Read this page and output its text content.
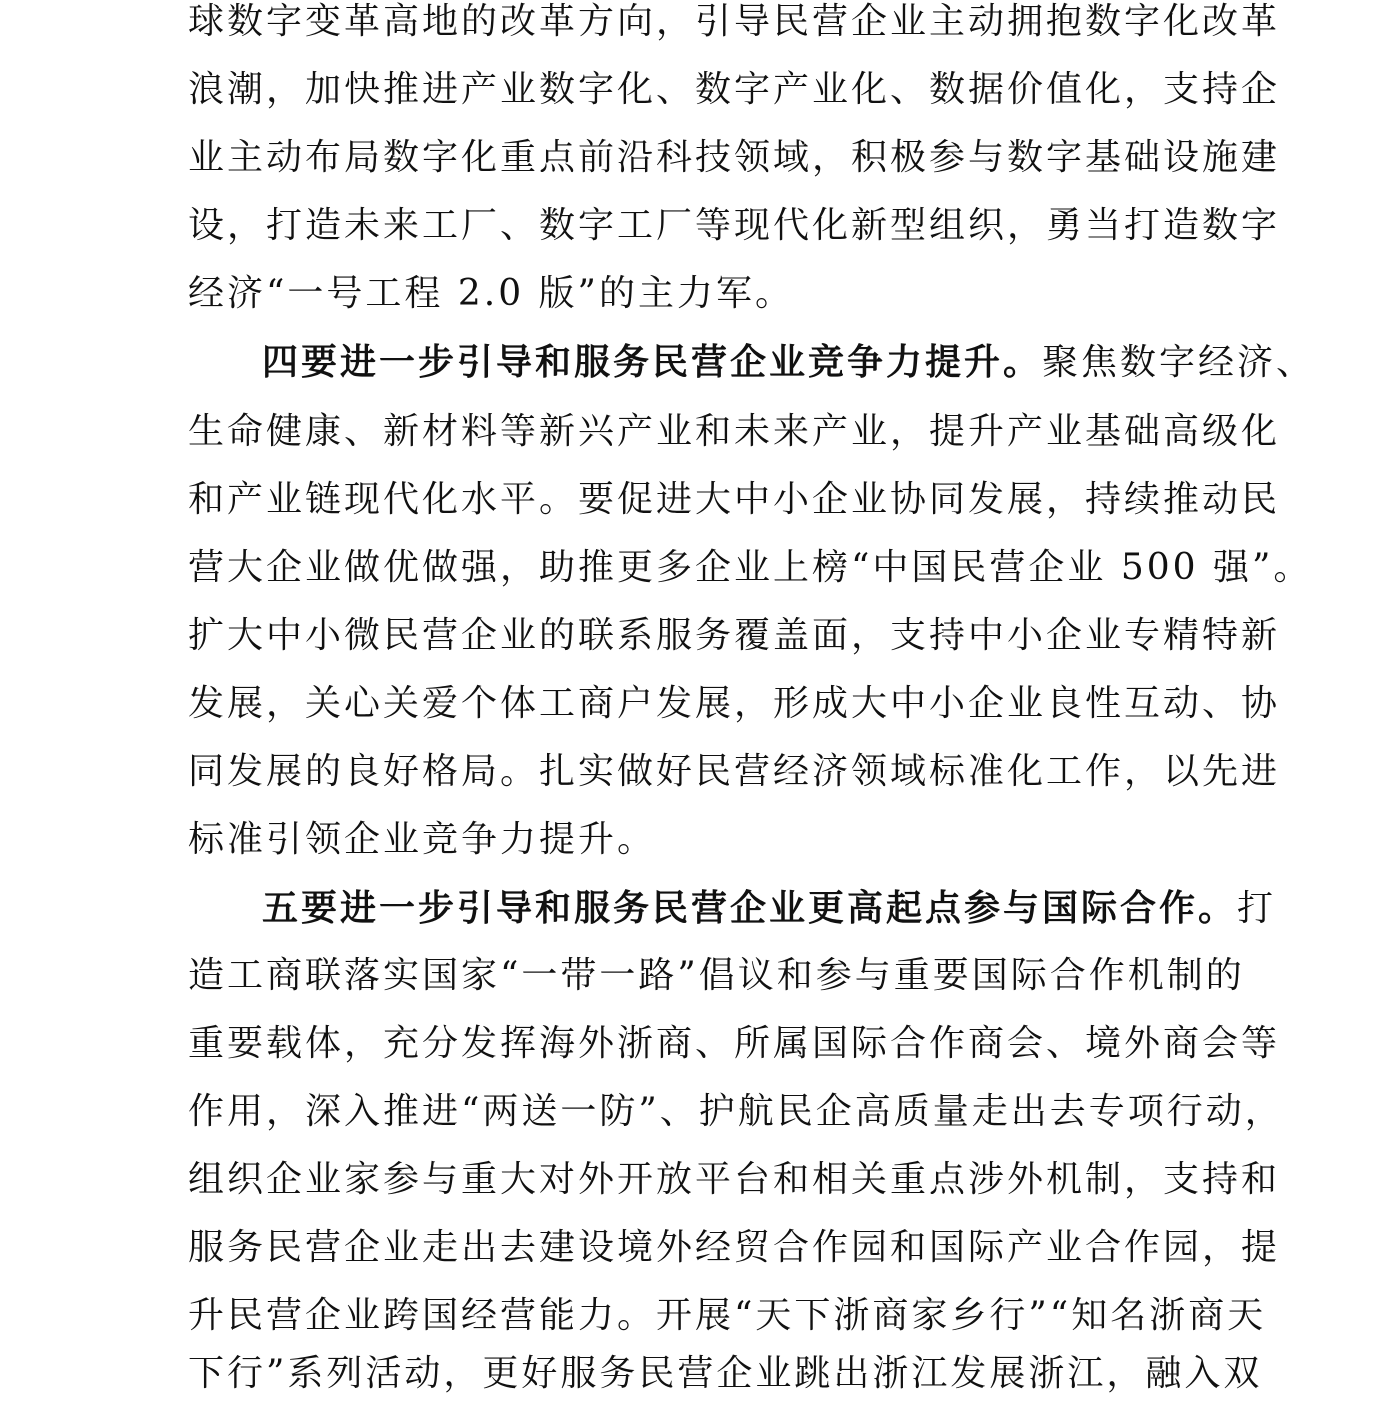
球数字变革高地的改革方向，引导民营企业主动拥抱数字化改革
浪潮，加快推进产业数字化、数字产业化、数据价值化，支持企
业主动布局数字化重点前沿科技领域，积极参与数字基础设施建
设，打造未来工厂、数字工厂等现代化新型组织，勇当打造数字
经济“一号工程 2.0 版”的主力军。
四要进一步引导和服务民营企业竞争力提升。聚焦数字经济、
生命健康、新材料等新兴产业和未来产业，提升产业基础高级化
和产业链现代化水平。要促进大中小企业协同发展，持续推动民
营大企业做优做强，助推更多企业上榜“中国民营企业 500 强”。
扩大中小微民营企业的联系服务覆盖面，支持中小企业专精特新
发展，关心关爱个体工商户发展，形成大中小企业良性互动、协
同发展的良好格局。扎实做好民营经济领域标准化工作，以先进
标准引领企业竞争力提升。
五要进一步引导和服务民营企业更高起点参与国际合作。打
造工商联落实国家“一带一路”倡议和参与重要国际合作机制的
重要载体，充分发挥海外浙商、所属国际合作商会、境外商会等
作用，深入推进“两送一防”、护航民企高质量走出去专项行动，
组织企业家参与重大对外开放平台和相关重点涉外机制，支持和
服务民营企业走出去建设境外经贸合作园和国际产业合作园，提
升民营企业跨国经营能力。开展“天下浙商家乡行”“知名浙商天
下行”系列活动，更好服务民营企业跳出浙江发展浙江，融入双
